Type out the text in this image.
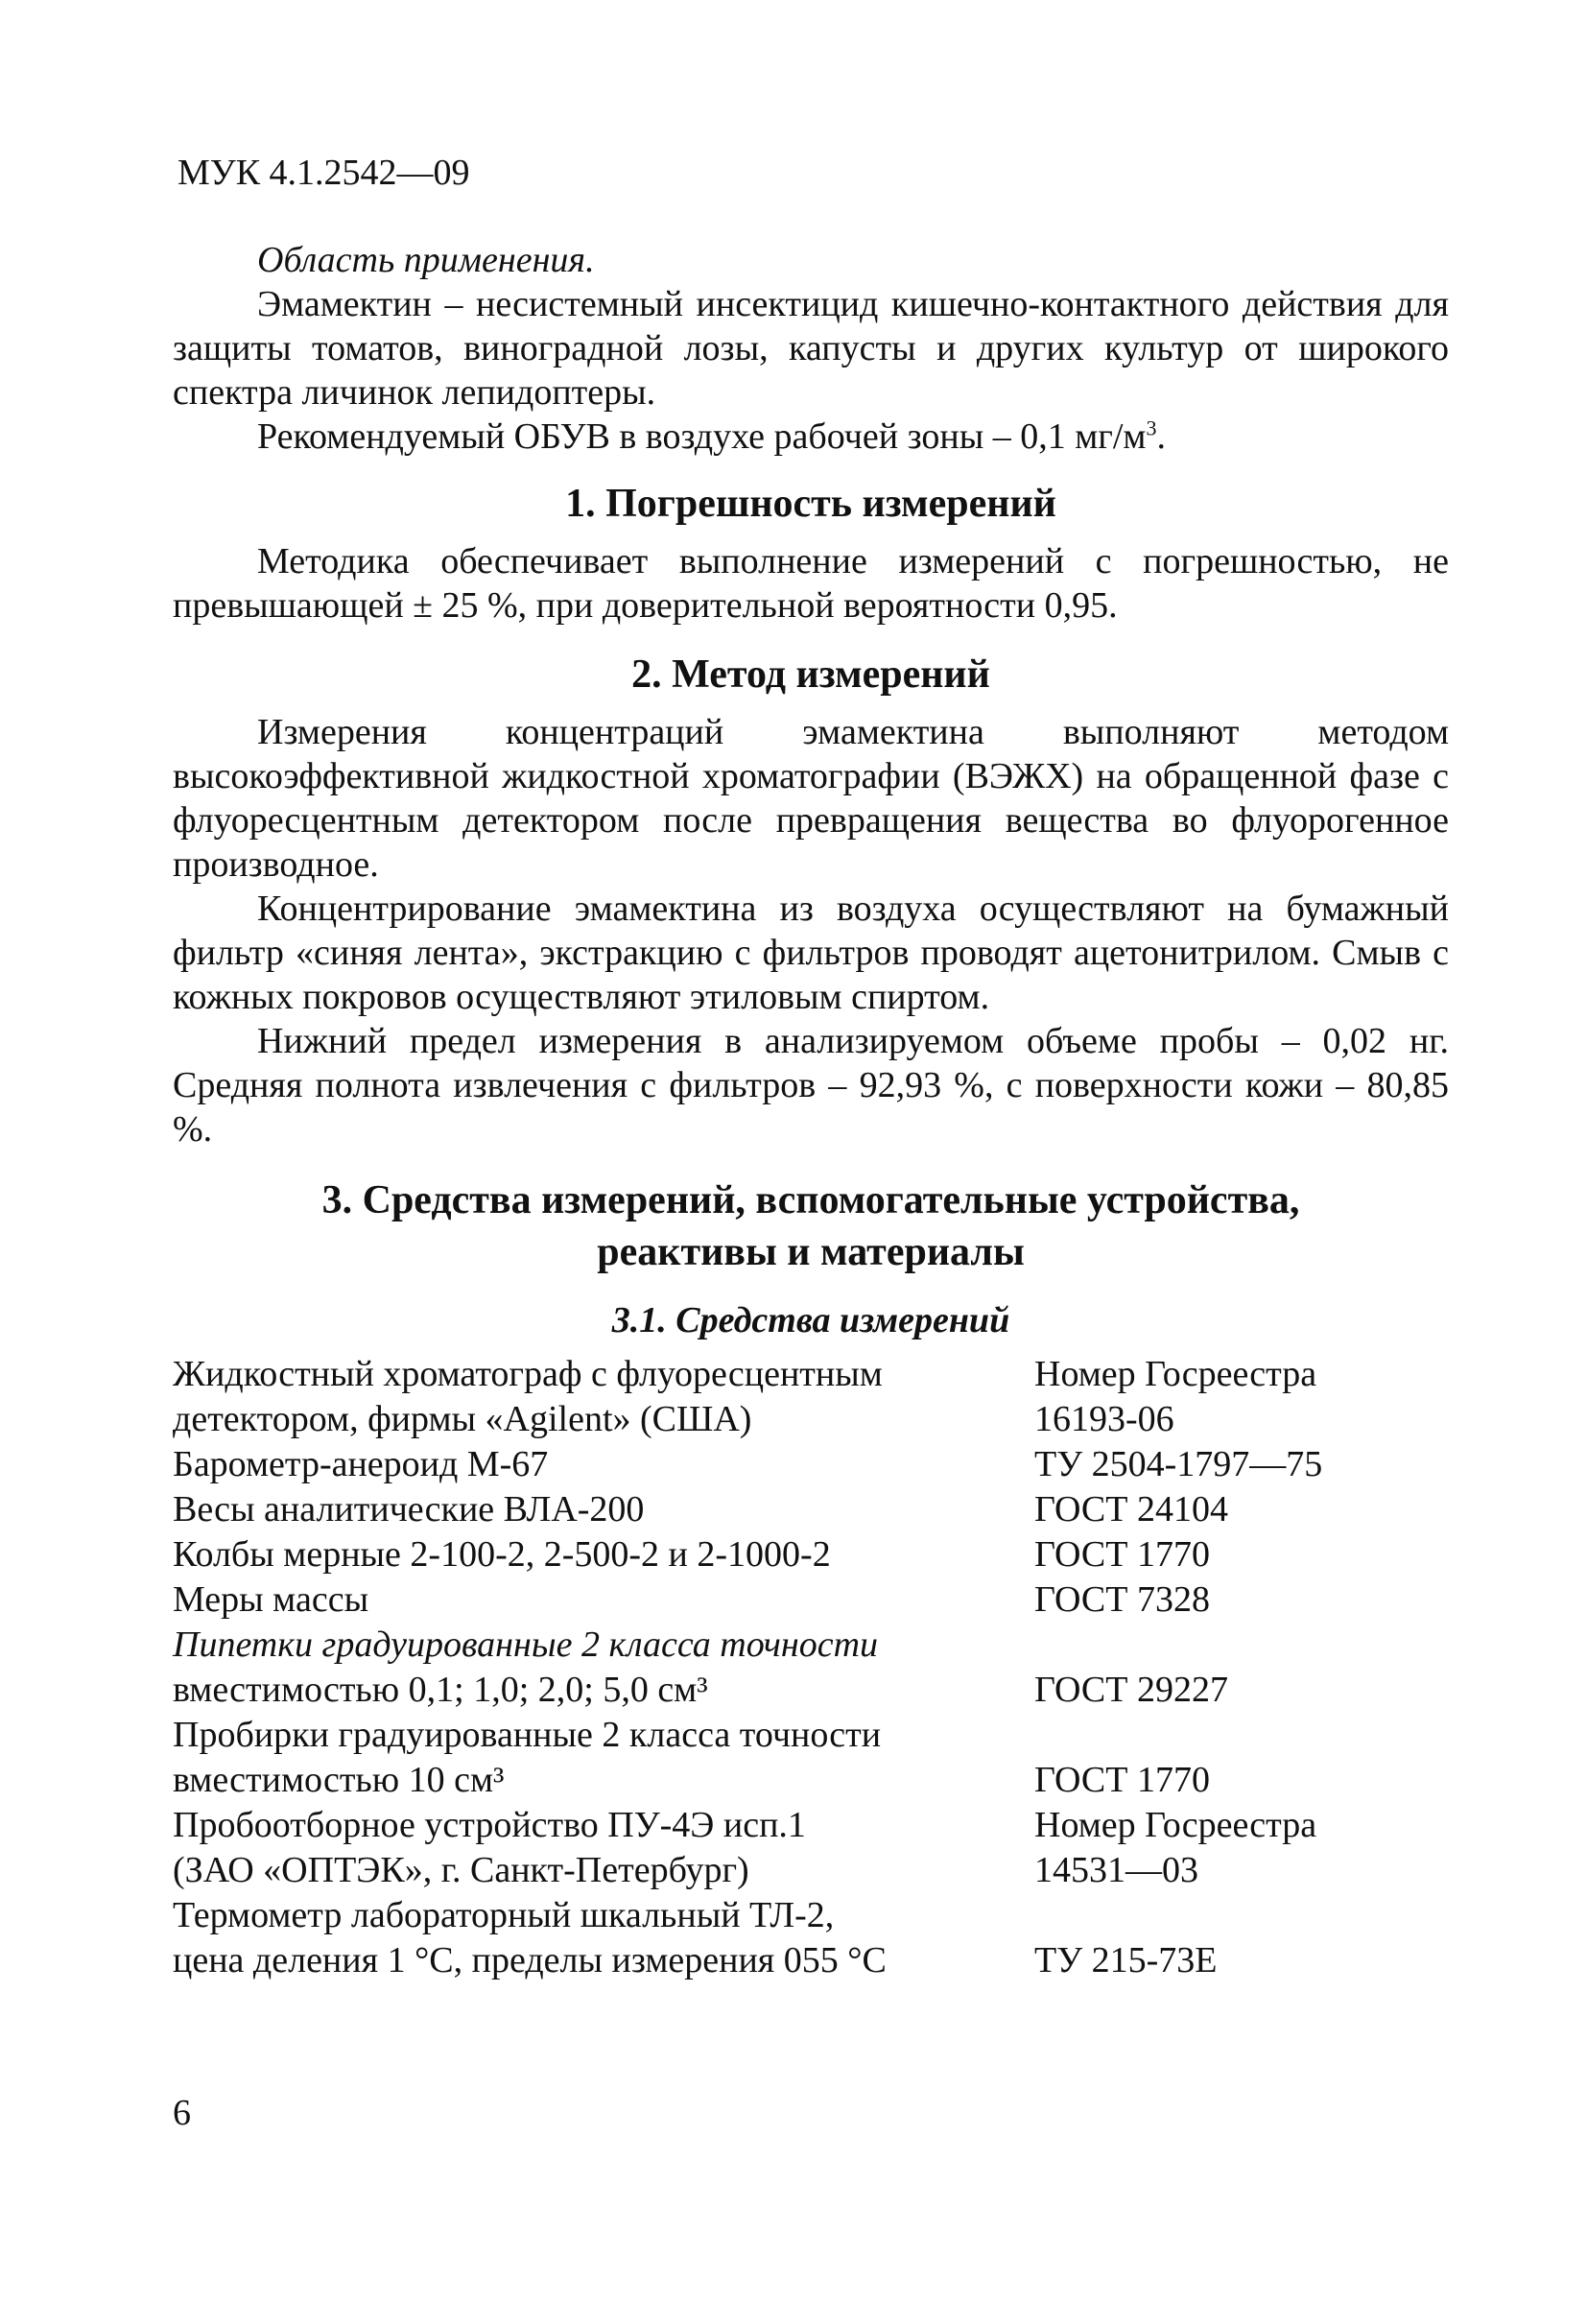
МУК 4.1.2542—09
Область применения.
Эмамектин – несистемный инсектицид кишечно-контактного действия для защиты томатов, виноградной лозы, капусты и других культур от широкого спектра личинок лепидоптеры.
Рекомендуемый ОБУВ в воздухе рабочей зоны – 0,1 $мг/м^3$.
1. Погрешность измерений
Методика обеспечивает выполнение измерений с погрешностью, не превышающей ± 25 %, при доверительной вероятности 0,95.
2. Метод измерений
Измерения концентраций эмамектина выполняют методом высокоэффективной жидкостной хроматографии (ВЭЖХ) на обращенной фазе с флуоресцентным детектором после превращения вещества во флуорогенное производное.
Концентрирование эмамектина из воздуха осуществляют на бумажный фильтр «синяя лента», экстракцию с фильтров проводят ацетонитрилом. Смыв с кожных покровов осуществляют этиловым спиртом.
Нижний предел измерения в анализируемом объеме пробы – 0,02 нг. Средняя полнота извлечения с фильтров – 92,93 %, с поверхности кожи – 80,85 %.
3. Средства измерений, вспомогательные устройства,
реактивы и материалы
3.1. Средства измерений
Жидкостный хроматограф с флуоресцентным	Номер Госреестра
детектором, фирмы «Agilent» (США)	16193-06
Барометр-анероид М-67	ТУ 2504-1797—75
Весы аналитические ВЛА-200	ГОСТ 24104
Колбы мерные 2-100-2, 2-500-2 и 2-1000-2	ГОСТ 1770
Меры массы	ГОСТ 7328
Пипетки градуированные 2 класса точности
вместимостью 0,1; 1,0; 2,0; 5,0 см³	ГОСТ 29227
Пробирки градуированные 2 класса точности
вместимостью 10 см³	ГОСТ 1770
Пробоотборное устройство ПУ-4Э исп.1	Номер Госреестра
(ЗАО «ОПТЭК», г. Санкт-Петербург)	14531—03
Термометр лабораторный шкальный ТЛ-2,
цена деления 1 °С, пределы измерения 055 °С	ТУ 215-73Е
6
